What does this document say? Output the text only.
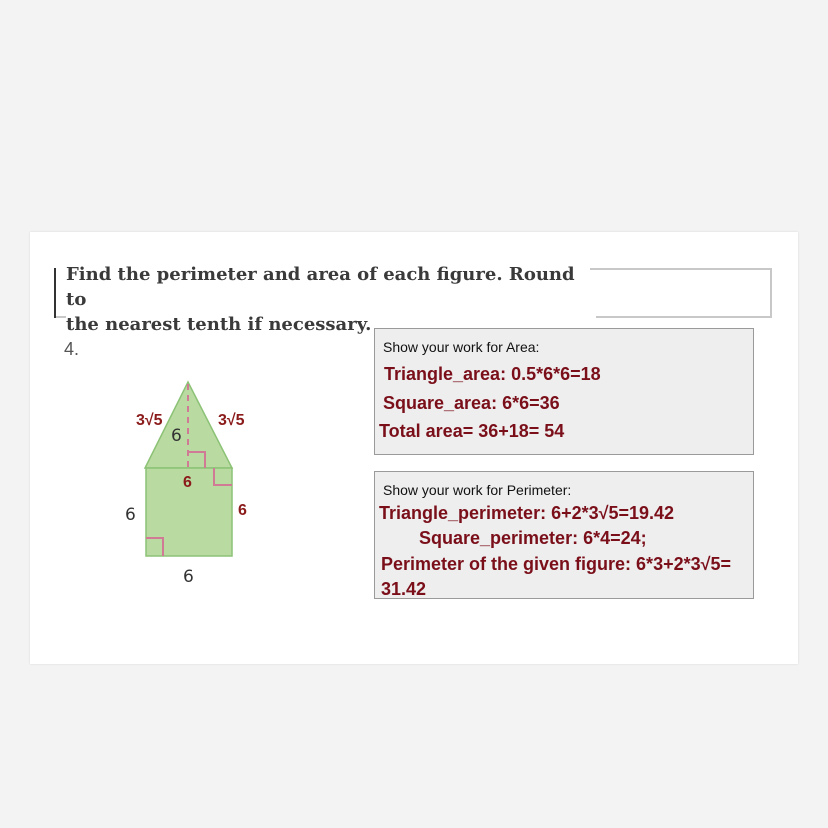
Find the perimeter and area of each figure. Round to
the nearest tenth if necessary.
4.
3√5	3√5
6
6
6	6
6
Show your work for Area:
Triangle_area: 0.5*6*6=18
Square_area: 6*6=36
Total area= 36+18= 54
Show your work for Perimeter:
Triangle_perimeter: 6+2*3√5=19.42
Square_perimeter: 6*4=24;
Perimeter of the given figure: 6*3+2*3√5=
31.42
